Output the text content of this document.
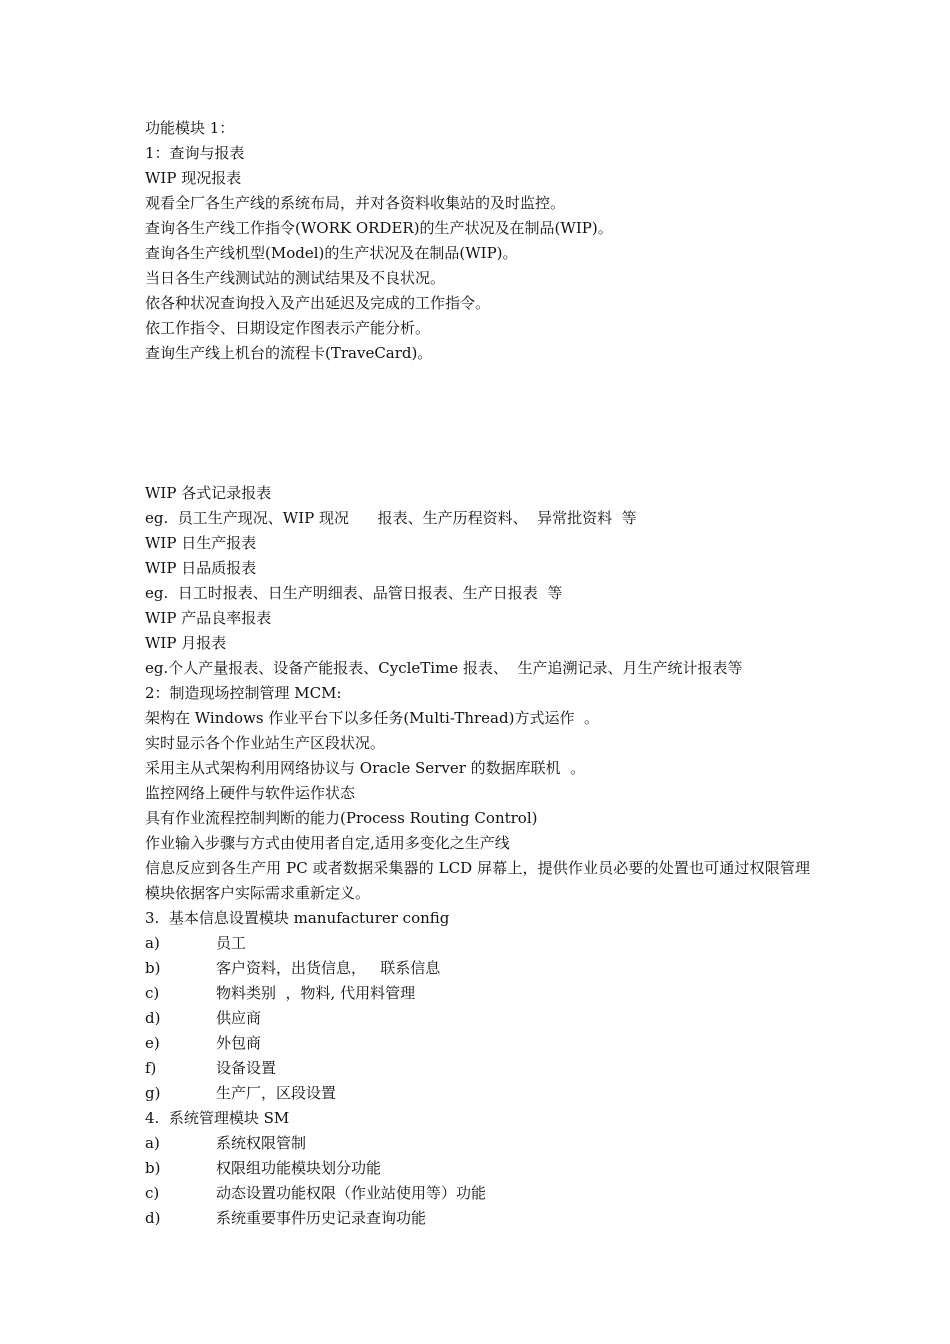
功能模块 1：
1：查询与报表
WIP 现况报表
观看全厂各生产线的系统布局，并对各资料收集站的及时监控。
查询各生产线工作指令(WORK ORDER)的生产状况及在制品(WIP)。
查询各生产线机型(Model)的生产状况及在制品(WIP)。
当日各生产线测试站的测试结果及不良状况。
依各种状况查询投入及产出延迟及完成的工作指令。
依工作指令、日期设定作图表示产能分析。
查询生产线上机台的流程卡(TraveCard)。
WIP 各式记录报表
eg.  员工生产现况、WIP 现况      报表、生产历程资料、  异常批资料  等
WIP 日生产报表
WIP 日品质报表
eg.  日工时报表、日生产明细表、品管日报表、生产日报表  等
WIP 产品良率报表
WIP 月报表
eg.个人产量报表、设备产能报表、CycleTime 报表、  生产追溯记录、月生产统计报表等
2：制造现场控制管理 MCM:
架构在 Windows 作业平台下以多任务(Multi-Thread)方式运作  。
实时显示各个作业站生产区段状况。
采用主从式架构利用网络协议与 Oracle Server 的数据库联机  。
监控网络上硬件与软件运作状态
具有作业流程控制判断的能力(Process Routing Control)
作业输入步骤与方式由使用者自定,适用多变化之生产线
信息反应到各生产用 PC 或者数据采集器的 LCD 屏幕上，提供作业员必要的处置也可通过权限管理模块依据客户实际需求重新定义。
3.  基本信息设置模块 manufacturer config
a)	员工
b)	客户资料，出货信息，   联系信息
c)	物料类别  ，物料, 代用料管理
d)	供应商
e)	外包商
f)	设备设置
g)	生产厂，区段设置
4.  系统管理模块 SM
a)	系统权限管制
b)	权限组功能模块划分功能
c)	动态设置功能权限（作业站使用等）功能
d)	系统重要事件历史记录查询功能
